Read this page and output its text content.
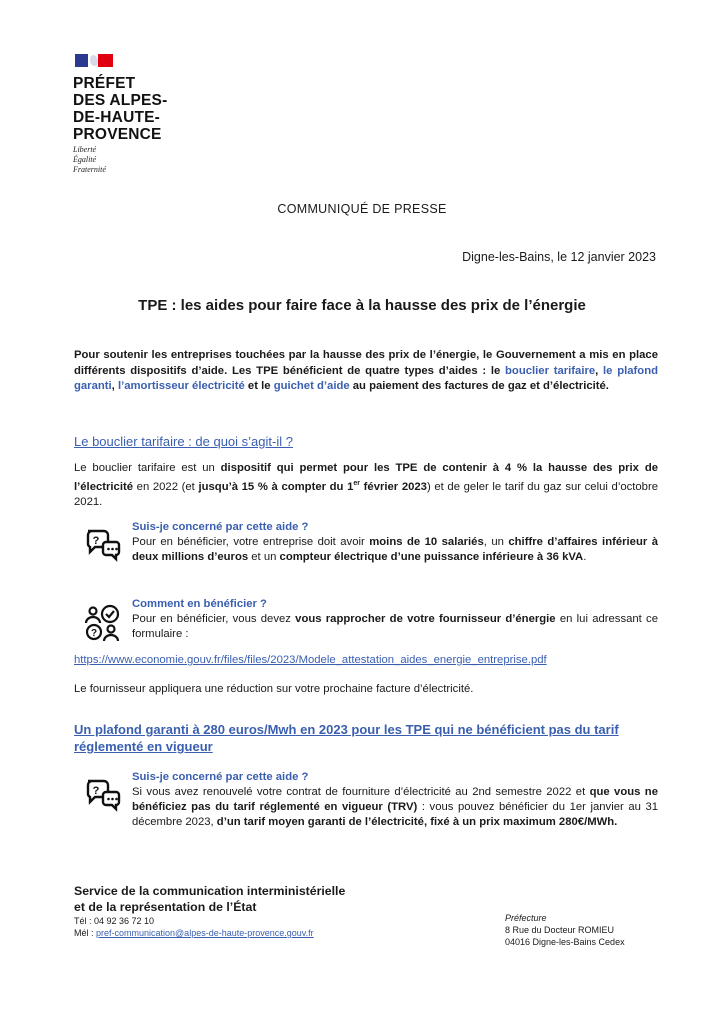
PRÉFET
DES ALPES-
DE-HAUTE-
PROVENCE
Liberté
Égalité
Fraternité
COMMUNIQUÉ DE PRESSE
Digne-les-Bains, le 12 janvier 2023
TPE : les aides pour faire face à la hausse des prix de l’énergie
Pour soutenir les entreprises touchées par la hausse des prix de l’énergie, le Gouvernement a mis en place différents dispositifs d’aide. Les TPE bénéficient de quatre types d’aides : le bouclier tarifaire, le plafond garanti, l’amortisseur électricité et le guichet d’aide au paiement des factures de gaz et d’électricité.
Le bouclier tarifaire : de quoi s’agit-il ?
Le bouclier tarifaire est un dispositif qui permet pour les TPE de contenir à 4 % la hausse des prix de l’électricité en 2022 (et jusqu’à 15 % à compter du 1er février 2023) et de geler le tarif du gaz sur celui d’octobre 2021.
?
Suis-je concerné par cette aide ?
Pour en bénéficier, votre entreprise doit avoir moins de 10 salariés, un chiffre d’affaires inférieur à deux millions d’euros et un compteur électrique d’une puissance inférieure à 36 kVA.
?
Comment en bénéficier ?
Pour en bénéficier, vous devez vous rapprocher de votre fournisseur d’énergie en lui adressant ce formulaire :
https://www.economie.gouv.fr/files/files/2023/Modele_attestation_aides_energie_entreprise.pdf
Le fournisseur appliquera une réduction sur votre prochaine facture d’électricité.
Un plafond garanti à 280 euros/Mwh en 2023 pour les TPE qui ne bénéficient pas du tarif réglementé en vigueur
?
Suis-je concerné par cette aide ?
Si vous avez renouvelé votre contrat de fourniture d’électricité au 2nd semestre 2022 et que vous ne bénéficiez pas du tarif réglementé en vigueur (TRV) : vous pouvez bénéficier du 1er janvier au 31 décembre 2023, d’un tarif moyen garanti de l’électricité, fixé à un prix maximum 280€/MWh.
Service de la communication interministérielle
et de la représentation de l’État
Tél : 04 92 36 72 10
Mél : pref-communication@alpes-de-haute-provence.gouv.fr
Préfecture
8 Rue du Docteur ROMIEU
04016 Digne-les-Bains Cedex
